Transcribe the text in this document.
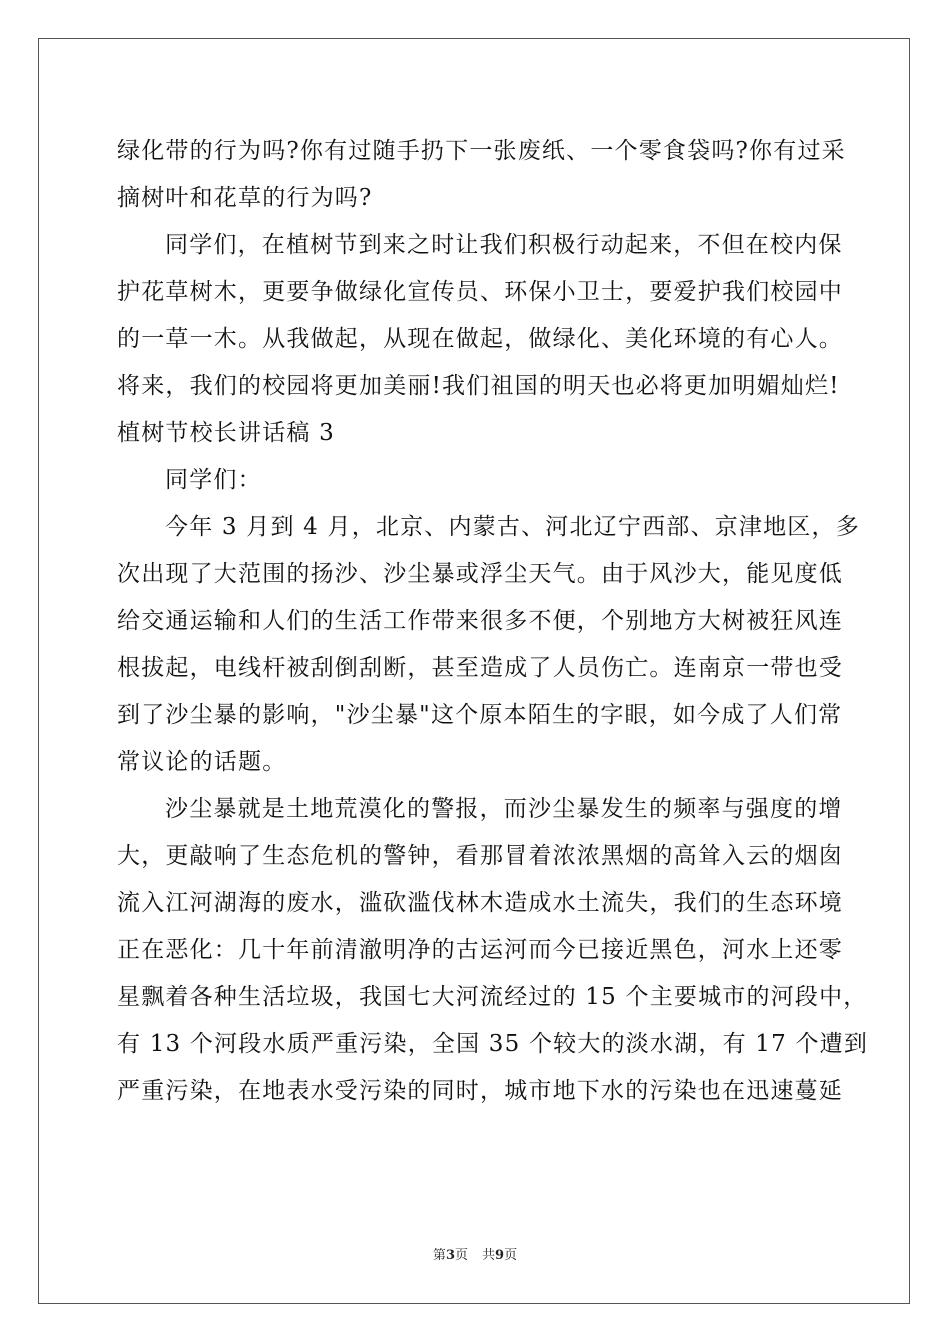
绿化带的行为吗?你有过随手扔下一张废纸、一个零食袋吗?你有过采
摘树叶和花草的行为吗?
同学们，在植树节到来之时让我们积极行动起来，不但在校内保
护花草树木，更要争做绿化宣传员、环保小卫士，要爱护我们校园中
的一草一木。从我做起，从现在做起，做绿化、美化环境的有心人。
将来，我们的校园将更加美丽!我们祖国的明天也必将更加明媚灿烂!
植树节校长讲话稿 3
同学们：
今年 3 月到 4 月，北京、内蒙古、河北辽宁西部、京津地区，多
次出现了大范围的扬沙、沙尘暴或浮尘天气。由于风沙大，能见度低
给交通运输和人们的生活工作带来很多不便，个别地方大树被狂风连
根拔起，电线杆被刮倒刮断，甚至造成了人员伤亡。连南京一带也受
到了沙尘暴的影响，"沙尘暴"这个原本陌生的字眼，如今成了人们常
常议论的话题。
沙尘暴就是土地荒漠化的警报，而沙尘暴发生的频率与强度的增
大，更敲响了生态危机的警钟，看那冒着浓浓黑烟的高耸入云的烟囱
流入江河湖海的废水，滥砍滥伐林木造成水土流失，我们的生态环境
正在恶化：几十年前清澈明净的古运河而今已接近黑色，河水上还零
星飘着各种生活垃圾，我国七大河流经过的 15 个主要城市的河段中，
有 13 个河段水质严重污染，全国 35 个较大的淡水湖，有 17 个遭到
严重污染，在地表水受污染的同时，城市地下水的污染也在迅速蔓延
第3页 共9页
